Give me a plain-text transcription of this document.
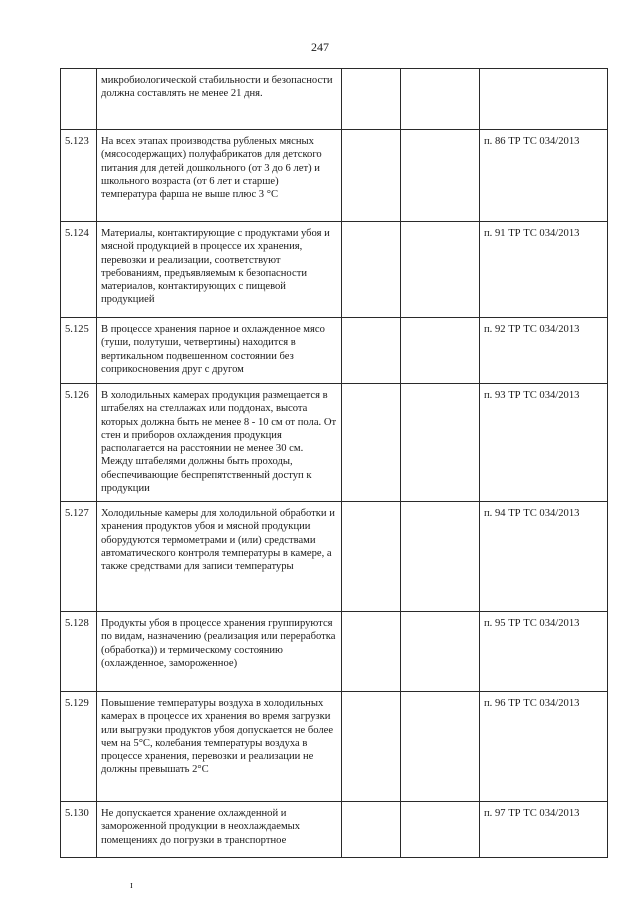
247
	микробиологической стабильности и безопасности должна составлять не менее 21 дня.			
5.123	На всех этапах производства рубленых мясных (мясосодержащих) полуфабрикатов для детского питания для детей дошкольного (от 3 до 6 лет) и школьного возраста (от 6 лет и старше) температура фарша не выше плюс 3 °С			п. 86 ТР ТС 034/2013
5.124	Материалы, контактирующие с продуктами убоя и мясной продукцией в процессе их хранения, перевозки и реализации, соответствуют требованиям, предъявляемым к безопасности материалов, контактирующих с пищевой продукцией			п. 91 ТР ТС 034/2013
5.125	В процессе хранения парное и охлажденное мясо (туши, полутуши, четвертины) находится в вертикальном подвешенном состоянии без соприкосновения друг с другом			п. 92 ТР ТС 034/2013
5.126	В холодильных камерах продукция размещается в штабелях на стеллажах или поддонах, высота которых должна быть не менее 8 - 10 см от пола. От стен и приборов охлаждения продукция располагается на расстоянии не менее 30 см. Между штабелями должны быть проходы, обеспечивающие беспрепятственный доступ к продукции			п. 93 ТР ТС 034/2013
5.127	Холодильные камеры для холодильной обработки и хранения продуктов убоя и мясной продукции оборудуются термометрами и (или) средствами автоматического контроля температуры в камере, а также средствами для записи температуры			п. 94 ТР ТС 034/2013
5.128	Продукты убоя в процессе хранения группируются по видам, назначению (реализация или переработка (обработка)) и термическому состоянию (охлажденное, замороженное)			п. 95 ТР ТС 034/2013
5.129	Повышение температуры воздуха в холодильных камерах в процессе их хранения во время загрузки или выгрузки продуктов убоя допускается не более чем на 5°С, колебания температуры воздуха в процессе хранения, перевозки и реализации не должны превышать 2°С			п. 96 ТР ТС 034/2013
5.130	Не допускается хранение охлажденной и замороженной продукции в неохлаждаемых помещениях до погрузки в транспортное			п. 97 ТР ТС 034/2013
ɪ
